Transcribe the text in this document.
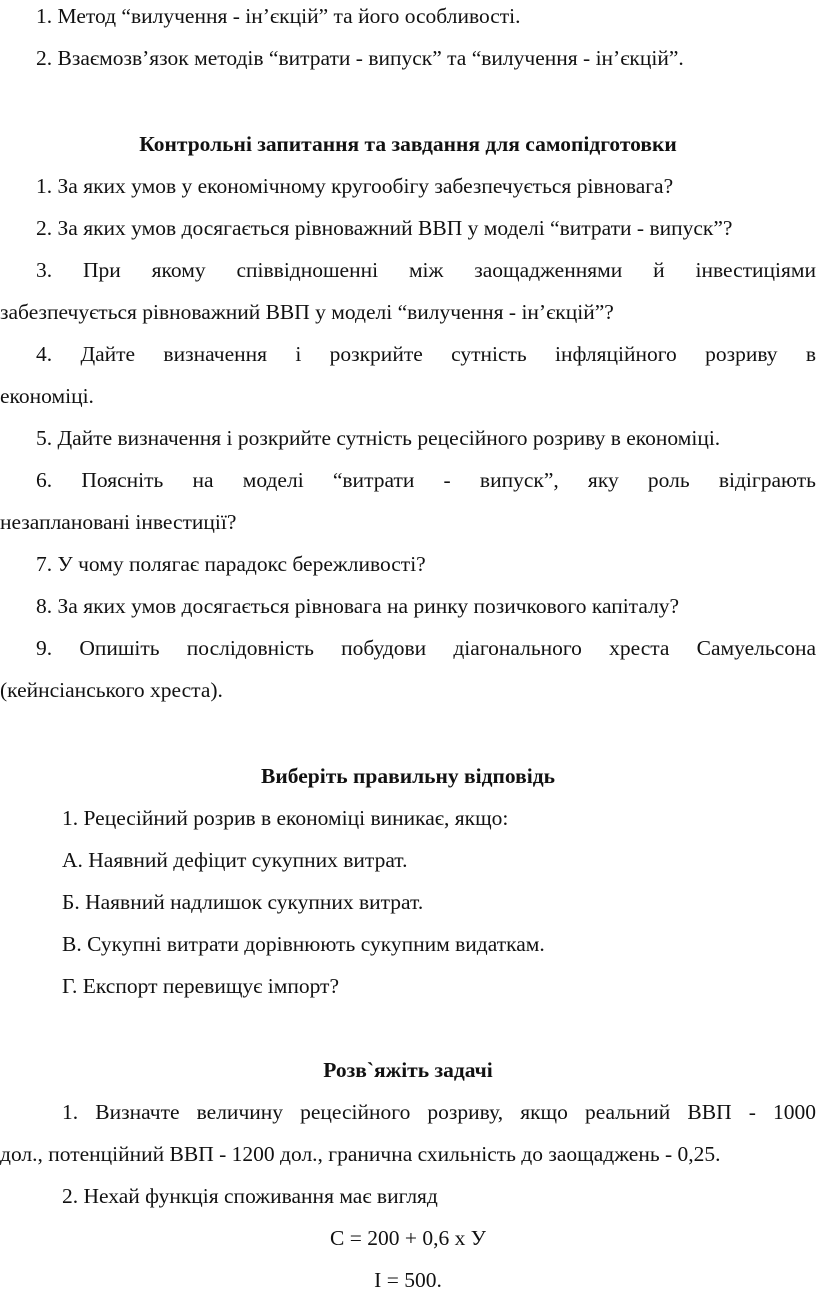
1. Метод “вилучення - ін’єкцій” та його особливості.
2. Взаємозв’язок методів “витрати - випуск” та “вилучення - ін’єкцій”.
Контрольні запитання та завдання для самопідготовки
1. За яких умов у економічному кругообігу забезпечується рівновага?
2. За яких умов досягається рівноважний ВВП у моделі “витрати - випуск”?
3. При якому співвідношенні між заощадженнями й інвестиціями
забезпечується рівноважний ВВП у моделі “вилучення - ін’єкцій”?
4. Дайте визначення і розкрийте сутність інфляційного розриву в
економіці.
5. Дайте визначення і розкрийте сутність рецесійного розриву в економіці.
6. Поясніть на моделі “витрати - випуск”, яку роль відіграють
незаплановані інвестиції?
7. У чому полягає парадокс бережливості?
8. За яких умов досягається рівновага на ринку позичкового капіталу?
9. Опишіть послідовність побудови діагонального хреста Самуельсона
(кейнсіанського хреста).
Виберіть правильну відповідь
1. Рецесійний розрив в економіці виникає, якщо:
А. Наявний дефіцит сукупних витрат.
Б. Наявний надлишок сукупних витрат.
В. Сукупні витрати дорівнюють сукупним видаткам.
Г. Експорт перевищує імпорт?
Розв`яжіть задачі
1. Визначте величину рецесійного розриву, якщо реальний ВВП - 1000
дол., потенційний ВВП - 1200 дол., гранична схильність до заощаджень - 0,25.
2. Нехай функція споживання має вигляд
С = 200 + 0,6 х У
І = 500.
